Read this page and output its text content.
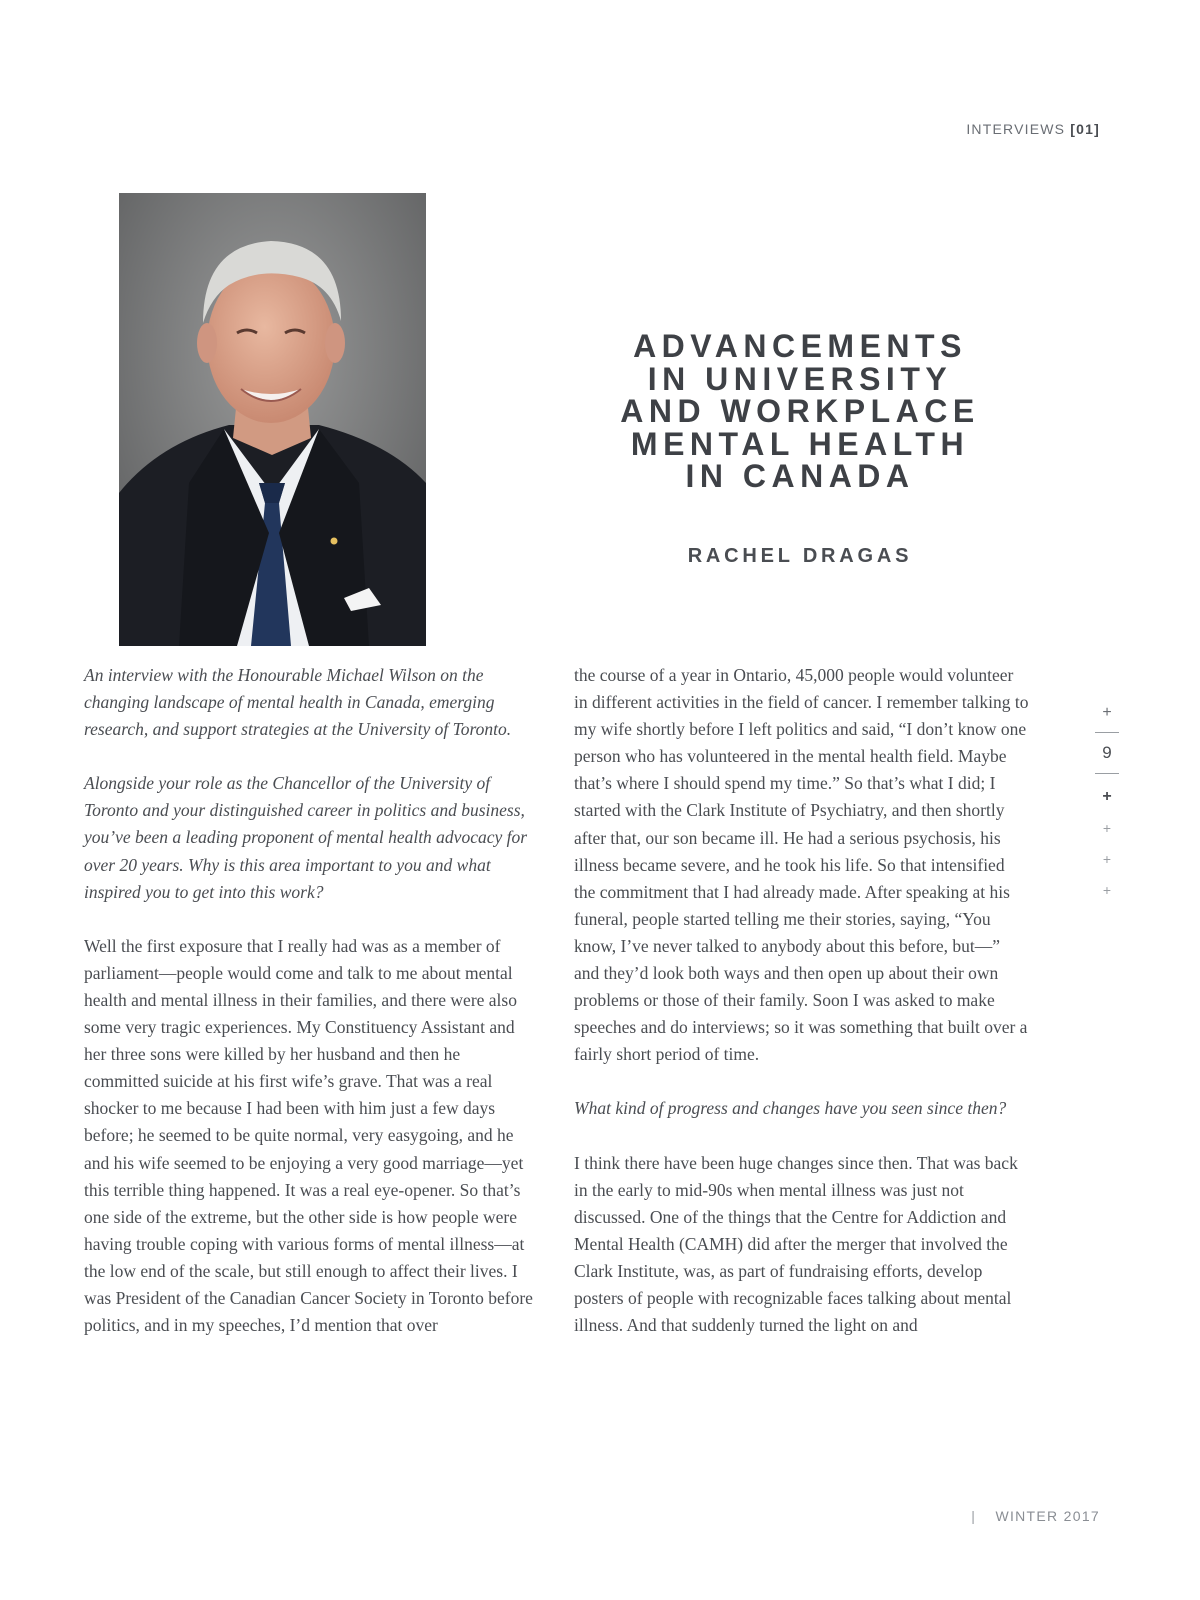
INTERVIEWS [01]
ADVANCEMENTS
IN UNIVERSITY
AND WORKPLACE
MENTAL HEALTH
IN CANADA
RACHEL DRAGAS

An interview with the Honourable Michael Wilson on the changing landscape of mental health in Canada, emerging research, and support strategies at the University of Toronto.

Alongside your role as the Chancellor of the University of Toronto and your distinguished career in politics and business, you’ve been a leading proponent of mental health advocacy for over 20 years. Why is this area important to you and what inspired you to get into this work?

Well the first exposure that I really had was as a member of parliament—people would come and talk to me about mental health and mental illness in their families, and there were also some very tragic experiences. My Constituency Assistant and her three sons were killed by her husband and then he committed suicide at his first wife’s grave. That was a real shocker to me because I had been with him just a few days before; he seemed to be quite normal, very easygoing, and he and his wife seemed to be enjoying a very good marriage—yet this terrible thing happened. It was a real eye-opener. So that’s one side of the extreme, but the other side is how people were having trouble coping with various forms of mental illness—at the low end of the scale, but still enough to affect their lives. I was President of the Canadian Cancer Society in Toronto before politics, and in my speeches, I’d mention that over

the course of a year in Ontario, 45,000 people would volunteer in different activities in the field of cancer. I remember talking to my wife shortly before I left politics and said, “I don’t know one person who has volunteered in the mental health field. Maybe that’s where I should spend my time.” So that’s what I did; I started with the Clark Institute of Psychiatry, and then shortly after that, our son became ill. He had a serious psychosis, his illness became severe, and he took his life. So that intensified the commitment that I had already made. After speaking at his funeral, people started telling me their stories, saying, “You know, I’ve never talked to anybody about this before, but—” and they’d look both ways and then open up about their own problems or those of their family. Soon I was asked to make speeches and do interviews; so it was something that built over a fairly short period of time.

What kind of progress and changes have you seen since then?

I think there have been huge changes since then. That was back in the early to mid-90s when mental illness was just not discussed. One of the things that the Centre for Addiction and Mental Health (CAMH) did after the merger that involved the Clark Institute, was, as part of fundraising efforts, develop posters of people with recognizable faces talking about mental illness. And that suddenly turned the light on and

+
9
+
+
+
+
| WINTER 2017
